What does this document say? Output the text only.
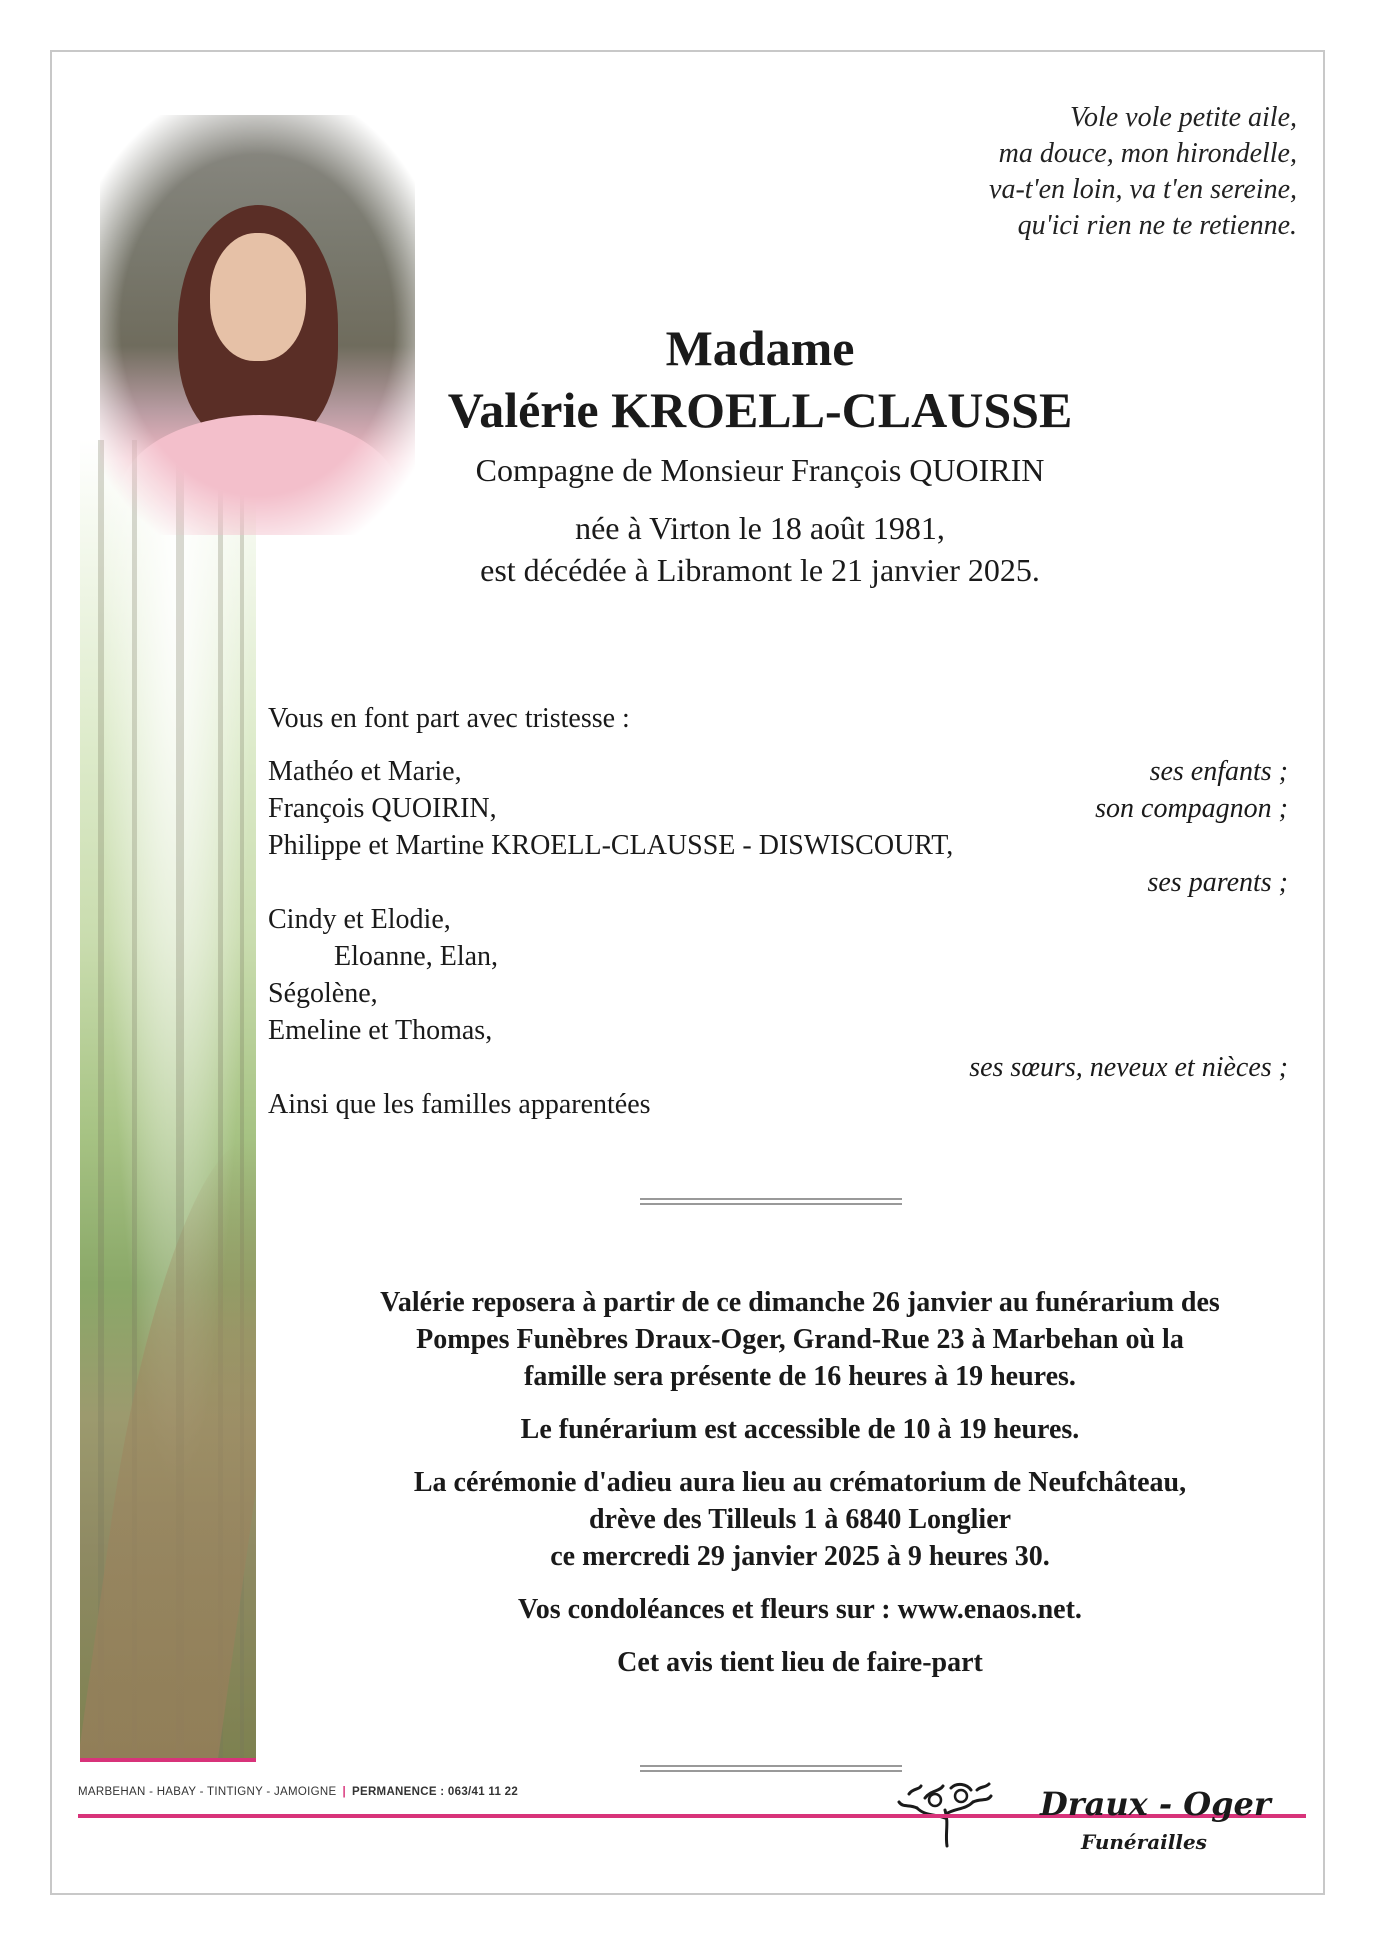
Vole vole petite aile,
ma douce, mon hirondelle,
va-t'en loin, va t'en sereine,
qu'ici rien ne te retienne.
Madame
Valérie KROELL-CLAUSSE
Compagne de Monsieur François QUOIRIN
née à Virton le 18 août 1981,
est décédée à Libramont le 21 janvier 2025.
Vous en font part avec tristesse :
Mathéo et Marie,	ses enfants ;
François QUOIRIN,	son compagnon ;
Philippe et Martine KROELL-CLAUSSE - DISWISCOURT,
ses parents ;
Cindy et Elodie,
Eloanne, Elan,
Ségolène,
Emeline et Thomas,
ses sœurs, neveux et nièces ;
Ainsi que les familles apparentées
Valérie reposera à partir de ce dimanche 26 janvier au funérarium des
Pompes Funèbres Draux-Oger, Grand-Rue 23 à Marbehan où la
famille sera présente de 16 heures à 19 heures.
Le funérarium est accessible de 10 à 19 heures.
La cérémonie d'adieu aura lieu au crématorium de Neufchâteau,
drève des Tilleuls 1 à 6840 Longlier
ce mercredi 29 janvier 2025 à 9 heures 30.
Vos condoléances et fleurs sur : www.enaos.net.
Cet avis tient lieu de faire-part
MARBEHAN - HABAY - TINTIGNY - JAMOIGNE | PERMANENCE : 063/41 11 22	Draux - Oger
Funérailles
